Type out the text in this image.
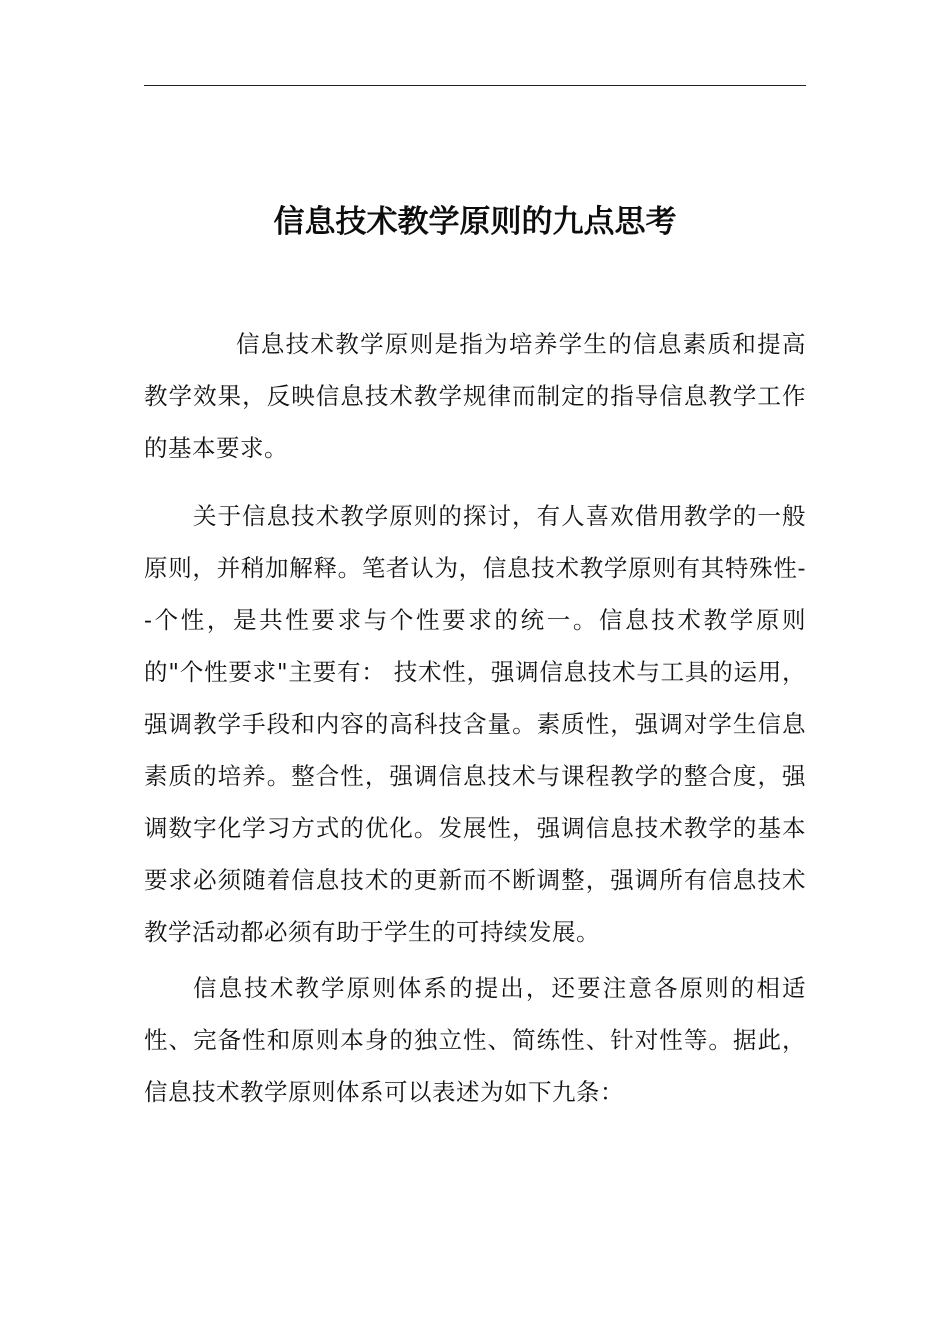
信息技术教学原则的九点思考

信息技术教学原则是指为培养学生的信息素质和提高教学效果，反映信息技术教学规律而制定的指导信息教学工作的基本要求。

关于信息技术教学原则的探讨，有人喜欢借用教学的一般原则，并稍加解释。笔者认为，信息技术教学原则有其特殊性--个性，是共性要求与个性要求的统一。信息技术教学原则的"个性要求"主要有： 技术性，强调信息技术与工具的运用，强调教学手段和内容的高科技含量。素质性，强调对学生信息素质的培养。整合性，强调信息技术与课程教学的整合度，强调数字化学习方式的优化。发展性，强调信息技术教学的基本要求必须随着信息技术的更新而不断调整，强调所有信息技术教学活动都必须有助于学生的可持续发展。

信息技术教学原则体系的提出，还要注意各原则的相适性、完备性和原则本身的独立性、简练性、针对性等。据此，信息技术教学原则体系可以表述为如下九条：
